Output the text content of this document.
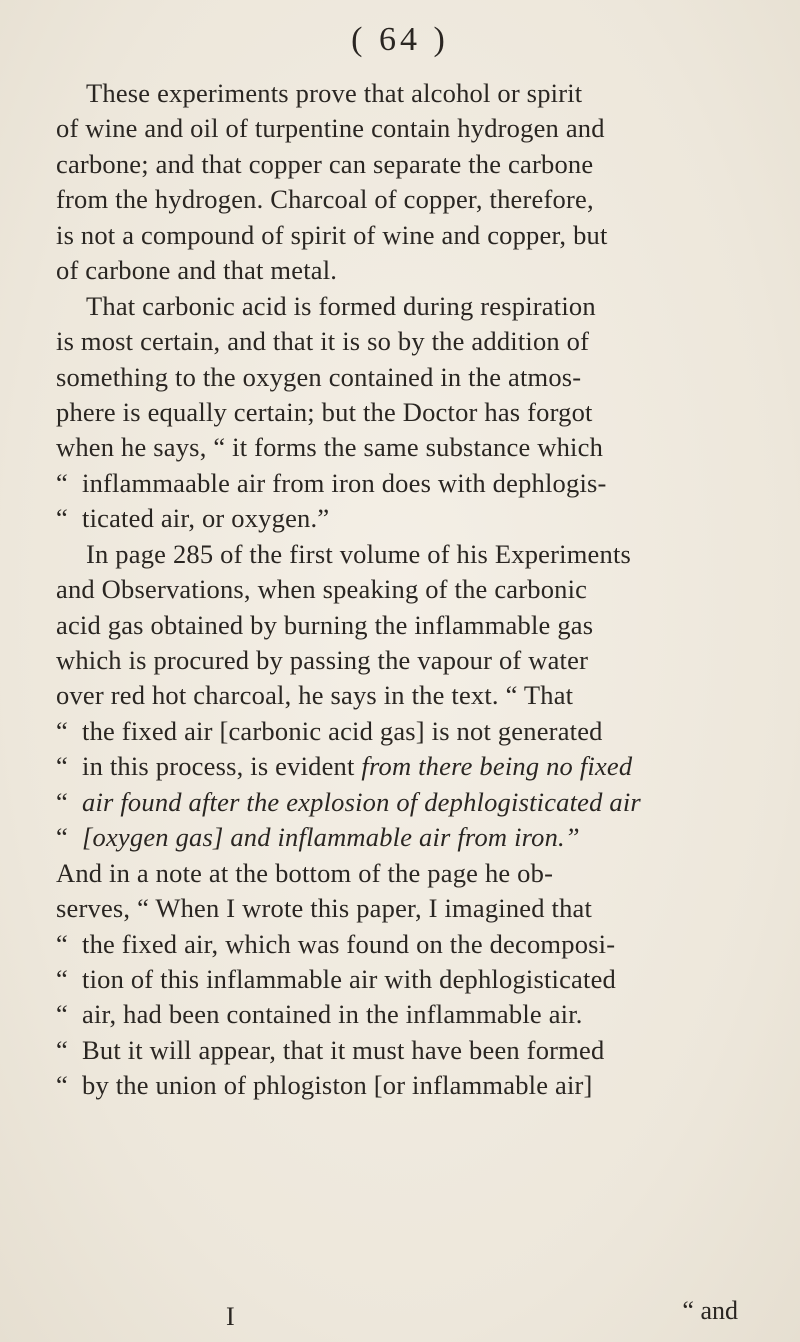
( 64 )
These experiments prove that alcohol or spirit
of wine and oil of turpentine contain hydrogen and
carbone; and that copper can separate the carbone
from the hydrogen. Charcoal of copper, therefore,
is not a compound of spirit of wine and copper, but
of carbone and that metal.
That carbonic acid is formed during respiration
is most certain, and that it is so by the addition of
something to the oxygen contained in the atmos-
phere is equally certain; but the Doctor has forgot
when he says, “ it forms the same substance which
“ inflammaable air from iron does with dephlogis-
“ ticated air, or oxygen.”
In page 285 of the first volume of his Experiments
and Observations, when speaking of the carbonic
acid gas obtained by burning the inflammable gas
which is procured by passing the vapour of water
over red hot charcoal, he says in the text. “ That
“ the fixed air [carbonic acid gas] is not generated
“ in this process, is evident from there being no fixed
“ air found after the explosion of dephlogisticated air
“ [oxygen gas] and inflammable air from iron.”
And in a note at the bottom of the page he ob-
serves, “ When I wrote this paper, I imagined that
“ the fixed air, which was found on the decomposi-
“ tion of this inflammable air with dephlogisticated
“ air, had been contained in the inflammable air.
“ But it will appear, that it must have been formed
“ by the union of phlogiston [or inflammable air]
I	“ and
